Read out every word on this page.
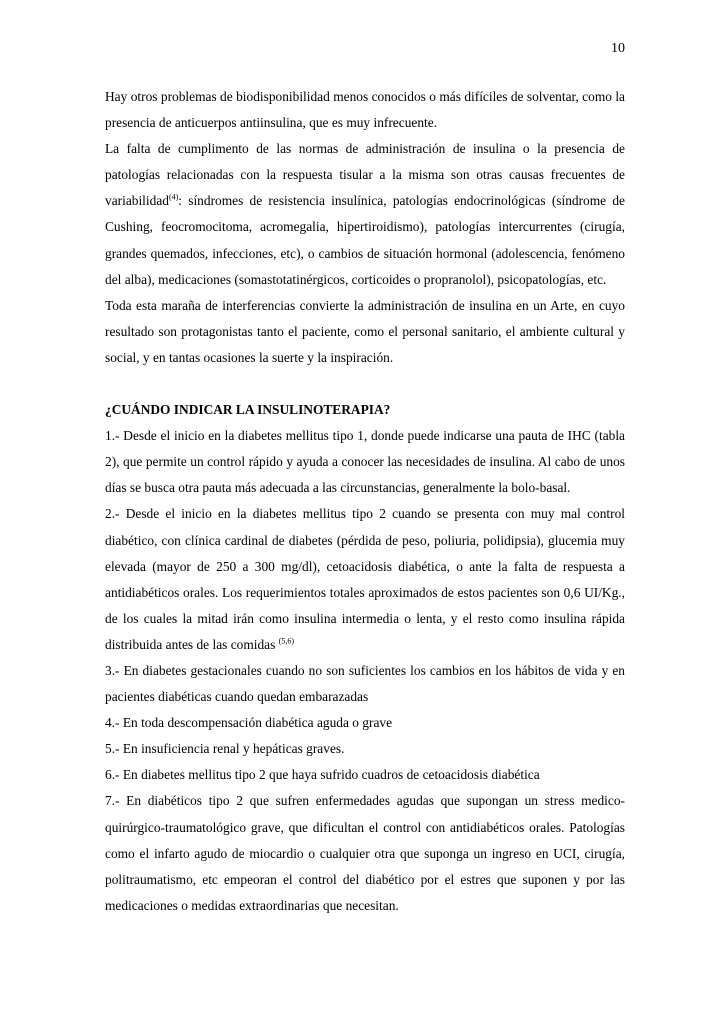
10

Hay otros problemas de biodisponibilidad menos conocidos o más difíciles de solventar, como la presencia de anticuerpos antiinsulina, que es muy infrecuente.

La falta de cumplimento de las normas de administración de insulina o la presencia de patologías relacionadas con la respuesta tisular a la misma son otras causas frecuentes de variabilidad$^{(4)}$: síndromes de resistencia insulínica, patologías endocrinológicas (síndrome de Cushing, feocromocitoma, acromegalia, hipertiroidismo), patologías intercurrentes (cirugía, grandes quemados, infecciones, etc), o cambios de situación hormonal (adolescencia, fenómeno del alba), medicaciones (somastotatinérgicos, corticoides o propranolol), psicopatologías, etc.

Toda esta maraña de interferencias convierte la administración de insulina en un Arte, en cuyo resultado son protagonistas tanto el paciente, como el personal sanitario, el ambiente cultural y social, y en tantas ocasiones la suerte y la inspiración.

¿CUÁNDO INDICAR LA INSULINOTERAPIA?

1.- Desde el inicio en la diabetes mellitus tipo 1, donde puede indicarse una pauta de IHC (tabla 2), que permite un control rápido y ayuda a conocer las necesidades de insulina. Al cabo de unos días se busca otra pauta más adecuada a las circunstancias, generalmente la bolo-basal.

2.- Desde el inicio en la diabetes mellitus tipo 2 cuando se presenta con muy mal control diabético, con clínica cardinal de diabetes (pérdida de peso, poliuria, polidipsia), glucemia muy elevada (mayor de 250 a 300 mg/dl), cetoacidosis diabética, o ante la falta de respuesta a antidiabéticos orales. Los requerimientos totales aproximados de estos pacientes son 0,6 UI/Kg., de los cuales la mitad irán como insulina intermedia o lenta, y el resto como insulina rápida distribuida antes de las comidas $^{(5,6)}$

3.- En diabetes gestacionales cuando no son suficientes los cambios en los hábitos de vida y en pacientes diabéticas cuando quedan embarazadas

4.- En toda descompensación diabética aguda o grave

5.- En insuficiencia renal y hepáticas graves.

6.- En diabetes mellitus tipo 2 que haya sufrido cuadros de cetoacidosis diabética

7.- En diabéticos tipo 2 que sufren enfermedades agudas que supongan un stress medico-quirúrgico-traumatológico grave, que dificultan el control con antidiabéticos orales. Patologías como el infarto agudo de miocardio o cualquier otra que suponga un ingreso en UCI, cirugía, politraumatismo, etc empeoran el control del diabético por el estres que suponen y por las medicaciones o medidas extraordinarias que necesitan.
